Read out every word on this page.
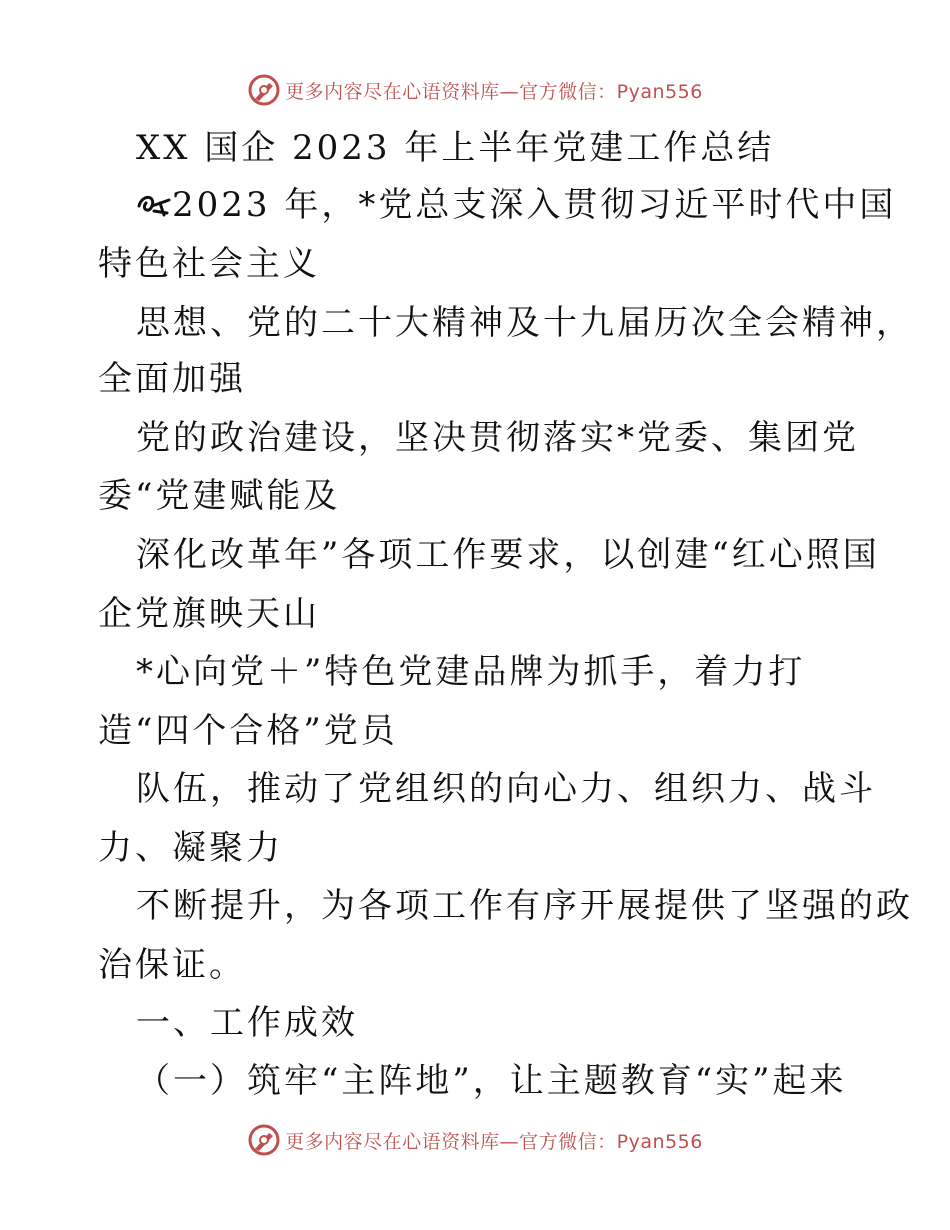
更多内容尽在心语资料库— 官方微信：Pyan556
XX 国企 2023 年上半年党建工作总结
2023 年，*党总支深入贯彻习近平时代中国
特色社会主义
思想、党的二十大精神及十九届历次全会精神，
全面加强
党的政治建设，坚决贯彻落实*党委、集团党
委“党建赋能及
深化改革年”各项工作要求，以创建“红心照国
企党旗映天山
*心向党＋”特色党建品牌为抓手，着力打
造“四个合格”党员
队伍，推动了党组织的向心力、组织力、战斗
力、凝聚力
不断提升，为各项工作有序开展提供了坚强的政
治保证。
一、工作成效
（一）筑牢“主阵地”，让主题教育“实”起来
更多内容尽在心语资料库— 官方微信：Pyan556
